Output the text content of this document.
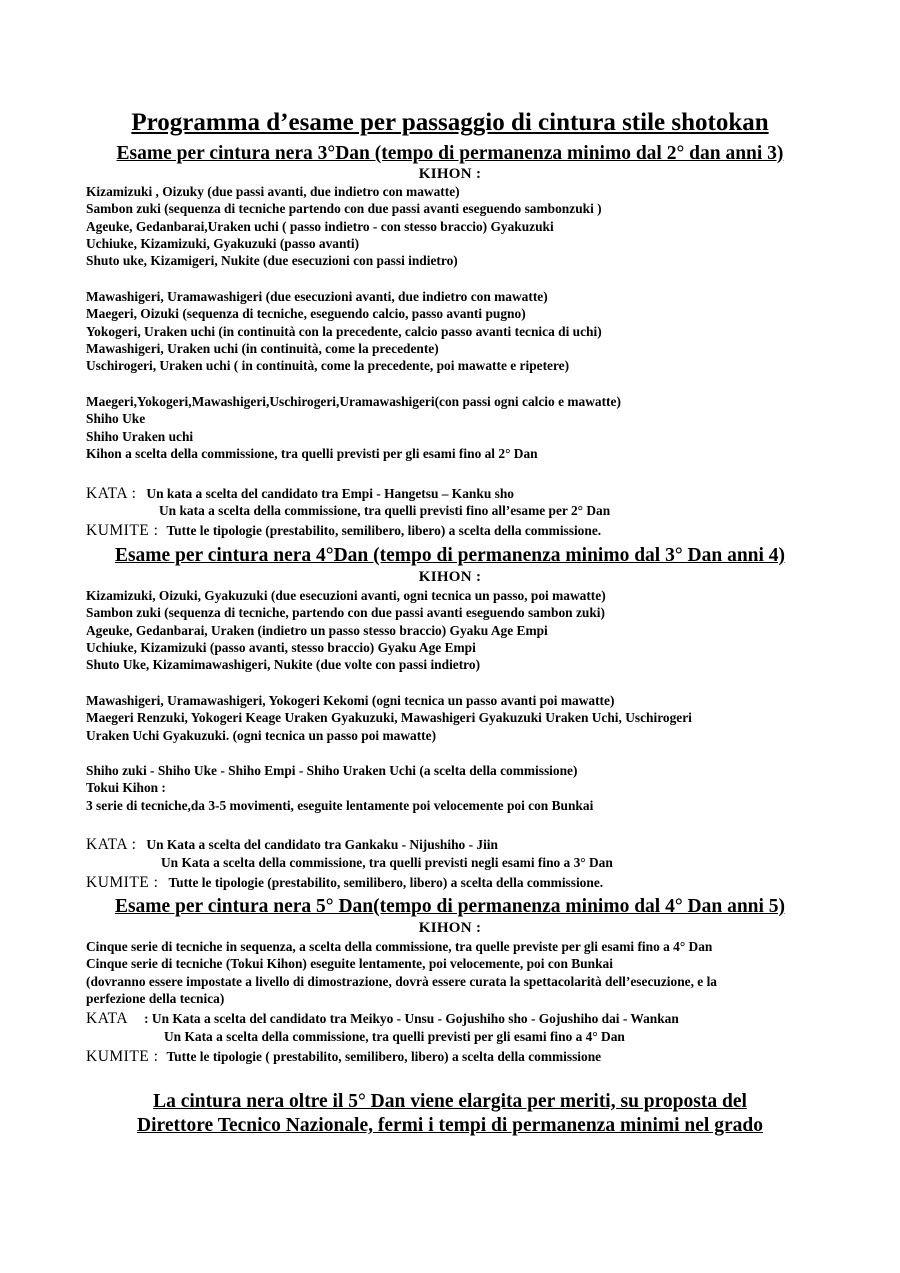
Programma d’esame per passaggio di cintura stile shotokan
Esame per cintura nera 3°Dan (tempo di permanenza minimo dal 2° dan anni 3)
KIHON :
Kizamizuki , Oizuky (due passi avanti, due indietro con mawatte)
Sambon zuki (sequenza di tecniche partendo con due passi avanti eseguendo sambonzuki )
Ageuke, Gedanbarai,Uraken uchi ( passo indietro - con stesso braccio) Gyakuzuki
Uchiuke, Kizamizuki, Gyakuzuki (passo avanti)
Shuto uke, Kizamigeri, Nukite (due esecuzioni con passi indietro)
Mawashigeri, Uramawashigeri (due esecuzioni avanti, due indietro con mawatte)
Maegeri, Oizuki (sequenza di tecniche, eseguendo calcio, passo avanti pugno)
Yokogeri, Uraken uchi (in continuità con la precedente, calcio passo avanti tecnica di uchi)
Mawashigeri, Uraken uchi (in continuità, come la precedente)
Uschirogeri, Uraken uchi ( in continuità, come la precedente, poi mawatte e ripetere)
Maegeri,Yokogeri,Mawashigeri,Uschirogeri,Uramawashigeri(con passi ogni calcio e mawatte)
Shiho Uke
Shiho Uraken uchi
Kihon a scelta della commissione, tra quelli previsti per gli esami fino al 2° Dan
KATA : Un kata a scelta del candidato tra Empi - Hangetsu – Kanku sho
Un kata a scelta della commissione, tra quelli previsti fino all’esame per 2° Dan
KUMITE : Tutte le tipologie (prestabilito, semilibero, libero) a scelta della commissione.
Esame per cintura nera 4°Dan (tempo di permanenza minimo dal 3° Dan anni 4)
KIHON :
Kizamizuki, Oizuki, Gyakuzuki (due esecuzioni avanti, ogni tecnica un passo, poi mawatte)
Sambon zuki (sequenza di tecniche, partendo con due passi avanti eseguendo sambon zuki)
Ageuke, Gedanbarai, Uraken (indietro un passo stesso braccio) Gyaku Age Empi
Uchiuke, Kizamizuki (passo avanti, stesso braccio) Gyaku Age Empi
Shuto Uke, Kizamimawashigeri, Nukite (due volte con passi indietro)
Mawashigeri, Uramawashigeri, Yokogeri Kekomi (ogni tecnica un passo avanti poi mawatte)
Maegeri Renzuki, Yokogeri Keage Uraken Gyakuzuki, Mawashigeri Gyakuzuki Uraken Uchi, Uschirogeri
Uraken Uchi Gyakuzuki. (ogni tecnica un passo poi mawatte)
Shiho zuki - Shiho Uke - Shiho Empi - Shiho Uraken Uchi (a scelta della commissione)
Tokui Kihon :
3 serie di tecniche,da 3-5 movimenti, eseguite lentamente poi velocemente poi con Bunkai
KATA : Un Kata a scelta del candidato tra Gankaku - Nijushiho - Jiin
Un Kata a scelta della commissione, tra quelli previsti negli esami fino a 3° Dan
KUMITE : Tutte le tipologie (prestabilito, semilibero, libero) a scelta della commissione.
Esame per cintura nera 5° Dan(tempo di permanenza minimo dal 4° Dan anni 5)
KIHON :
Cinque serie di tecniche in sequenza, a scelta della commissione, tra quelle previste per gli esami fino a 4° Dan
Cinque serie di tecniche (Tokui Kihon) eseguite lentamente, poi velocemente, poi con Bunkai
(dovranno essere impostate a livello di dimostrazione, dovrà essere curata la spettacolarità dell’esecuzione, e la
perfezione della tecnica)
KATA : Un Kata a scelta del candidato tra Meikyo - Unsu - Gojushiho sho - Gojushiho dai - Wankan
Un Kata a scelta della commissione, tra quelli previsti per gli esami fino a 4° Dan
KUMITE : Tutte le tipologie ( prestabilito, semilibero, libero) a scelta della commissione
La cintura nera oltre il 5° Dan viene elargita per meriti, su proposta del
Direttore Tecnico Nazionale, fermi i tempi di permanenza minimi nel grado
